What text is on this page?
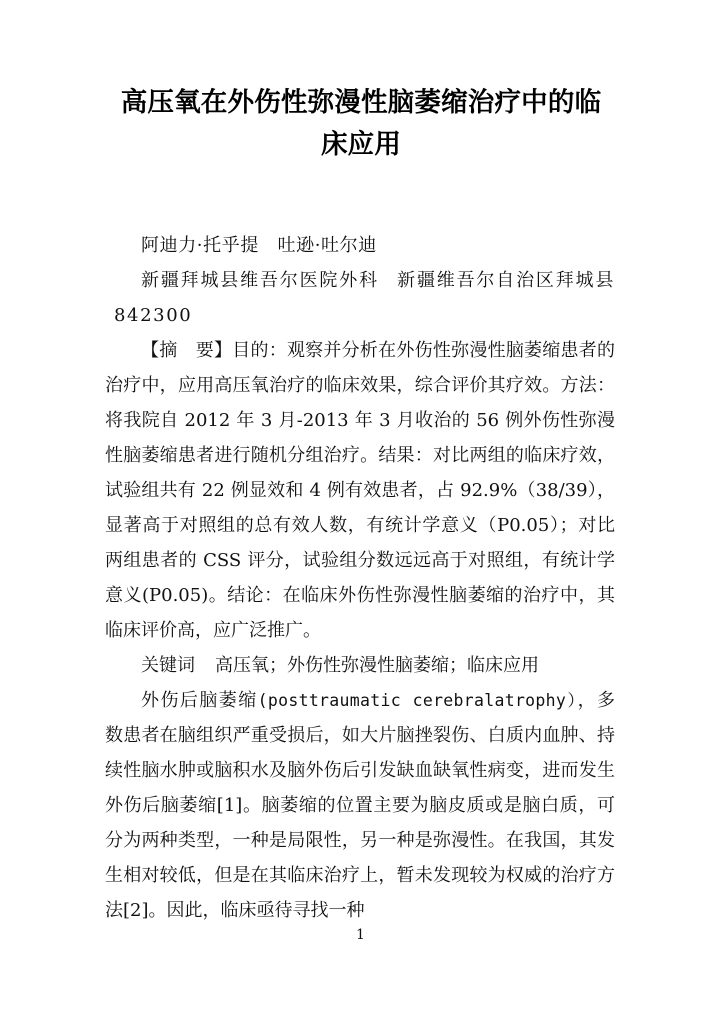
高压氧在外伤性弥漫性脑萎缩治疗中的临床应用

阿迪力·托乎提　吐逊·吐尔迪

新疆拜城县维吾尔医院外科 新疆维吾尔自治区拜城县842300

【摘 要】目的：观察并分析在外伤性弥漫性脑萎缩患者的治疗中，应用高压氧治疗的临床效果，综合评价其疗效。方法：将我院自 2012 年 3 月-2013 年 3 月收治的 56 例外伤性弥漫性脑萎缩患者进行随机分组治疗。结果：对比两组的临床疗效，试验组共有 22 例显效和 4 例有效患者，占 92.9%（38/39），显著高于对照组的总有效人数，有统计学意义（P0.05）；对比两组患者的 CSS 评分，试验组分数远远高于对照组，有统计学意义(P0.05)。结论：在临床外伤性弥漫性脑萎缩的治疗中，其临床评价高，应广泛推广。

关键词 高压氧；外伤性弥漫性脑萎缩；临床应用

外伤后脑萎缩(posttraumatic cerebralatrophy），多数患者在脑组织严重受损后，如大片脑挫裂伤、白质内血肿、持续性脑水肿或脑积水及脑外伤后引发缺血缺氧性病变，进而发生外伤后脑萎缩[1]。脑萎缩的位置主要为脑皮质或是脑白质，可分为两种类型，一种是局限性，另一种是弥漫性。在我国，其发生相对较低，但是在其临床治疗上，暂未发现较为权威的治疗方法[2]。因此，临床亟待寻找一种

1
